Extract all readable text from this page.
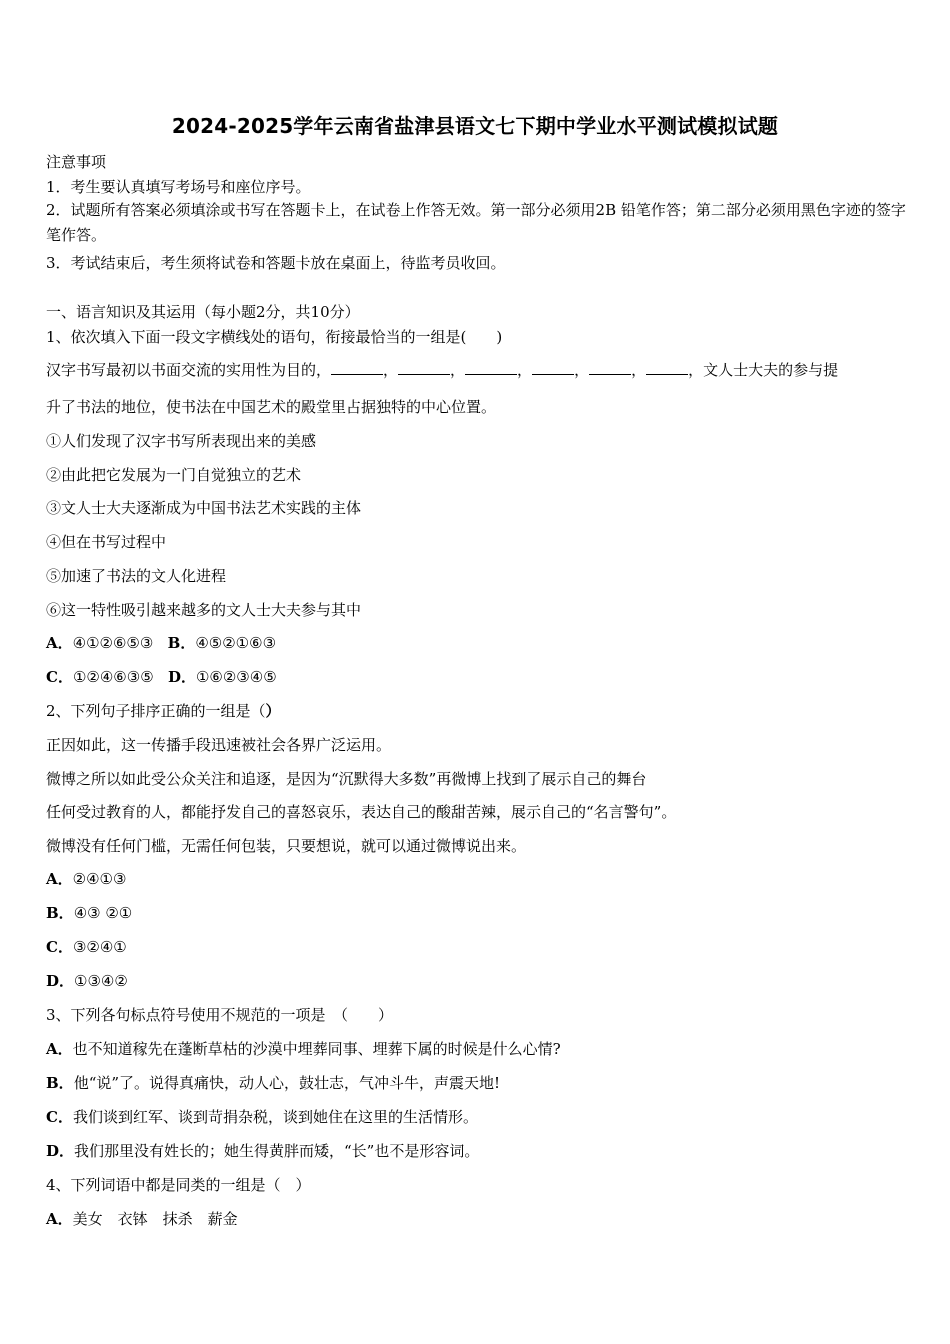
2024-2025学年云南省盐津县语文七下期中学业水平测试模拟试题
注意事项
1．考生要认真填写考场号和座位序号。
2．试题所有答案必须填涂或书写在答题卡上，在试卷上作答无效。第一部分必须用2B 铅笔作答；第二部分必须用黑色字迹的签字笔作答。
3．考试结束后，考生须将试卷和答题卡放在桌面上，待监考员收回。
一、语言知识及其运用（每小题2分，共10分）
1、依次填入下面一段文字横线处的语句，衔接最恰当的一组是(　　)
汉字书写最初以书面交流的实用性为目的，	，	，	，	，	，	，文人士大夫的参与提
升了书法的地位，使书法在中国艺术的殿堂里占据独特的中心位置。
①人们发现了汉字书写所表现出来的美感
②由此把它发展为一门自觉独立的艺术
③文人士大夫逐渐成为中国书法艺术实践的主体
④但在书写过程中
⑤加速了书法的文人化进程
⑥这一特性吸引越来越多的文人士大夫参与其中
A．④①②⑥⑤③ B．④⑤②①⑥③
C．①②④⑥③⑤ D．①⑥②③④⑤
2、下列句子排序正确的一组是（）
正因如此，这一传播手段迅速被社会各界广泛运用。
微博之所以如此受公众关注和追逐，是因为“沉默得大多数”再微博上找到了展示自己的舞台
任何受过教育的人，都能抒发自己的喜怒哀乐，表达自己的酸甜苦辣，展示自己的“名言警句”。
微博没有任何门槛，无需任何包装，只要想说，就可以通过微博说出来。
A．②④①③
B．④③ ②①
C．③②④①
D．①③④②
3、下列各句标点符号使用不规范的一项是　（　　）
A．也不知道稼先在蓬断草枯的沙漠中埋葬同事、埋葬下属的时候是什么心情?
B．他“说”了。说得真痛快，动人心，鼓壮志，气冲斗牛，声震天地!
C．我们谈到红军、谈到苛捐杂税，谈到她住在这里的生活情形。
D．我们那里没有姓长的；她生得黄胖而矮，“长”也不是形容词。
4、下列词语中都是同类的一组是（　）
A．美女　衣钵　抹杀　薪金
